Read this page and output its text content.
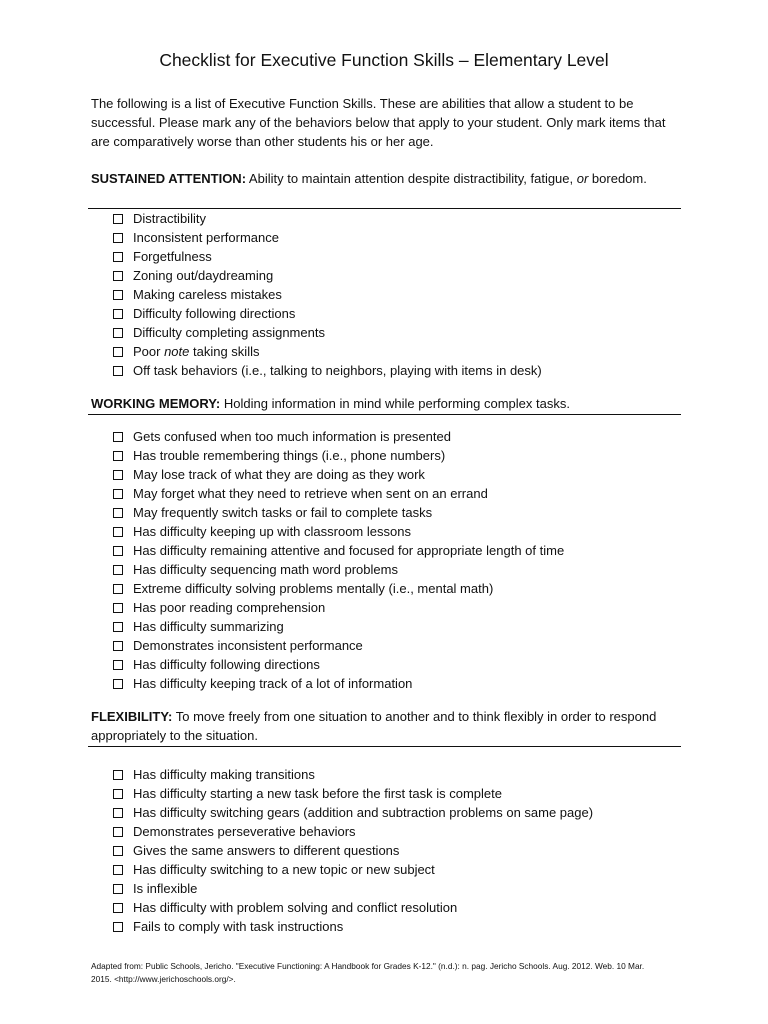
Checklist for Executive Function Skills – Elementary Level
The following is a list of Executive Function Skills. These are abilities that allow a student to be successful. Please mark any of the behaviors below that apply to your student. Only mark items that are comparatively worse than other students his or her age.
SUSTAINED ATTENTION: Ability to maintain attention despite distractibility, fatigue, or boredom.
Distractibility
Inconsistent performance
Forgetfulness
Zoning out/daydreaming
Making careless mistakes
Difficulty following directions
Difficulty completing assignments
Poor note taking skills
Off task behaviors (i.e., talking to neighbors, playing with items in desk)
WORKING MEMORY: Holding information in mind while performing complex tasks.
Gets confused when too much information is presented
Has trouble remembering things (i.e., phone numbers)
May lose track of what they are doing as they work
May forget what they need to retrieve when sent on an errand
May frequently switch tasks or fail to complete tasks
Has difficulty keeping up with classroom lessons
Has difficulty remaining attentive and focused for appropriate length of time
Has difficulty sequencing math word problems
Extreme difficulty solving problems mentally (i.e., mental math)
Has poor reading comprehension
Has difficulty summarizing
Demonstrates inconsistent performance
Has difficulty following directions
Has difficulty keeping track of a lot of information
FLEXIBILITY: To move freely from one situation to another and to think flexibly in order to respond appropriately to the situation.
Has difficulty making transitions
Has difficulty starting a new task before the first task is complete
Has difficulty switching gears (addition and subtraction problems on same page)
Demonstrates perseverative behaviors
Gives the same answers to different questions
Has difficulty switching to a new topic or new subject
Is inflexible
Has difficulty with problem solving and conflict resolution
Fails to comply with task instructions
Adapted from: Public Schools, Jericho. "Executive Functioning: A Handbook for Grades K-12." (n.d.): n. pag. Jericho Schools. Aug. 2012. Web. 10 Mar. 2015. <http://www.jerichoschools.org/>.
